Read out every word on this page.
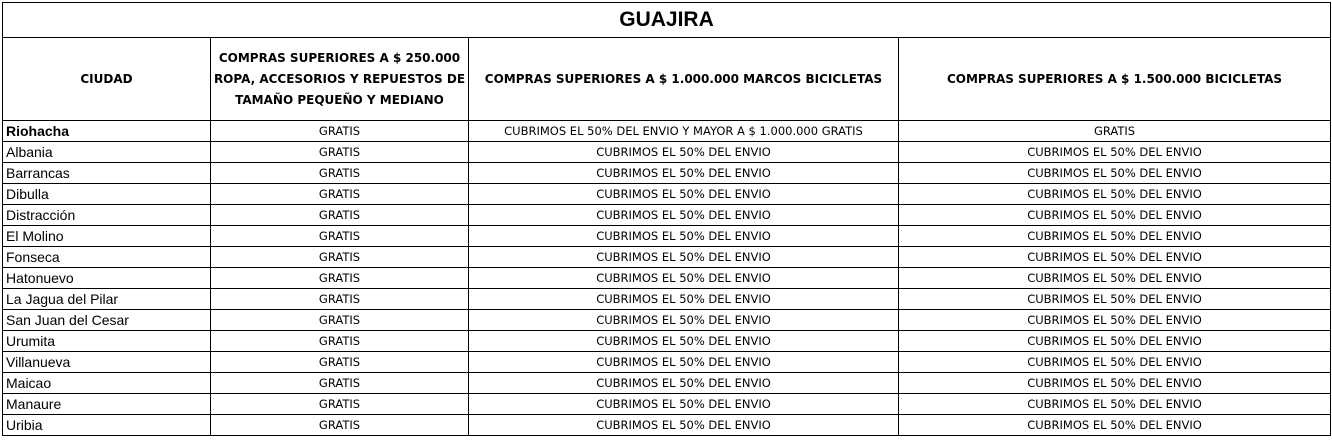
GUAJIRA			
CIUDAD	COMPRAS SUPERIORES A $ 250.000
ROPA, ACCESORIOS Y REPUESTOS DE
TAMAÑO PEQUEÑO Y MEDIANO	COMPRAS SUPERIORES A $ 1.000.000 MARCOS BICICLETAS	COMPRAS SUPERIORES A $ 1.500.000 BICICLETAS
Riohacha	GRATIS	CUBRIMOS EL 50% DEL ENVIO Y MAYOR A $ 1.000.000 GRATIS	GRATIS
Albania	GRATIS	CUBRIMOS EL 50% DEL ENVIO	CUBRIMOS EL 50% DEL ENVIO
Barrancas	GRATIS	CUBRIMOS EL 50% DEL ENVIO	CUBRIMOS EL 50% DEL ENVIO
Dibulla	GRATIS	CUBRIMOS EL 50% DEL ENVIO	CUBRIMOS EL 50% DEL ENVIO
Distracción	GRATIS	CUBRIMOS EL 50% DEL ENVIO	CUBRIMOS EL 50% DEL ENVIO
El Molino	GRATIS	CUBRIMOS EL 50% DEL ENVIO	CUBRIMOS EL 50% DEL ENVIO
Fonseca	GRATIS	CUBRIMOS EL 50% DEL ENVIO	CUBRIMOS EL 50% DEL ENVIO
Hatonuevo	GRATIS	CUBRIMOS EL 50% DEL ENVIO	CUBRIMOS EL 50% DEL ENVIO
La Jagua del Pilar	GRATIS	CUBRIMOS EL 50% DEL ENVIO	CUBRIMOS EL 50% DEL ENVIO
San Juan del Cesar	GRATIS	CUBRIMOS EL 50% DEL ENVIO	CUBRIMOS EL 50% DEL ENVIO
Urumita	GRATIS	CUBRIMOS EL 50% DEL ENVIO	CUBRIMOS EL 50% DEL ENVIO
Villanueva	GRATIS	CUBRIMOS EL 50% DEL ENVIO	CUBRIMOS EL 50% DEL ENVIO
Maicao	GRATIS	CUBRIMOS EL 50% DEL ENVIO	CUBRIMOS EL 50% DEL ENVIO
Manaure	GRATIS	CUBRIMOS EL 50% DEL ENVIO	CUBRIMOS EL 50% DEL ENVIO
Uribia	GRATIS	CUBRIMOS EL 50% DEL ENVIO	CUBRIMOS EL 50% DEL ENVIO
